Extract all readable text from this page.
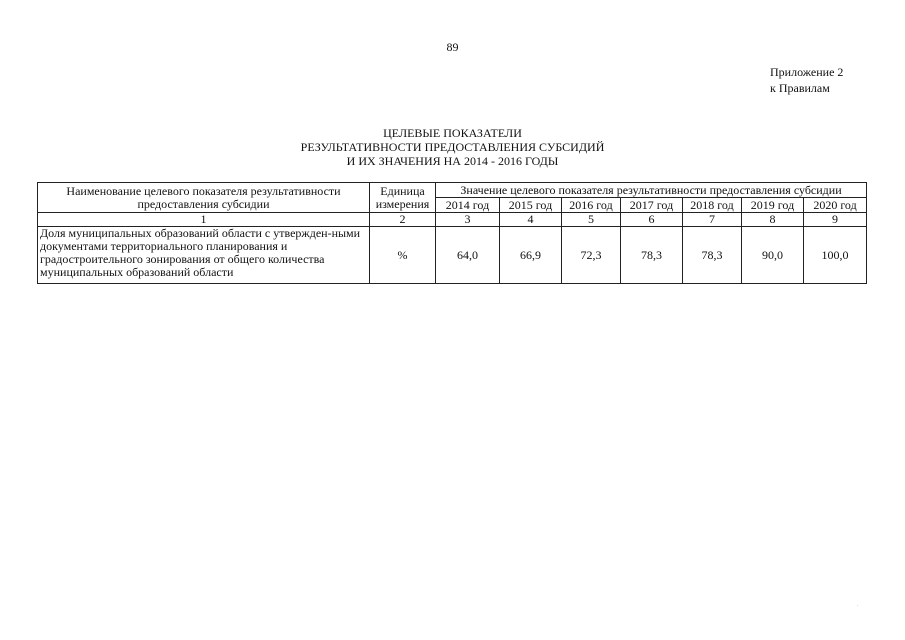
89
Приложение 2
к Правилам
ЦЕЛЕВЫЕ ПОКАЗАТЕЛИ
РЕЗУЛЬТАТИВНОСТИ ПРЕДОСТАВЛЕНИЯ СУБСИДИЙ
И ИХ ЗНАЧЕНИЯ НА 2014 - 2016 ГОДЫ
Наименование целевого показателя результативности предоставления субсидии	Единица измерения	Значение целевого показателя результативности предоставления субсидии						
		2014 год	2015 год	2016 год	2017 год	2018 год	2019 год	2020 год
1	2	3	4	5	6	7	8	9
Доля муниципальных образований области с утвержден-ными документами территориального планирования и градостроительного зонирования от общего количества муниципальных образований области	%	64,0	66,9	72,3	78,3	78,3	90,0	100,0
.
